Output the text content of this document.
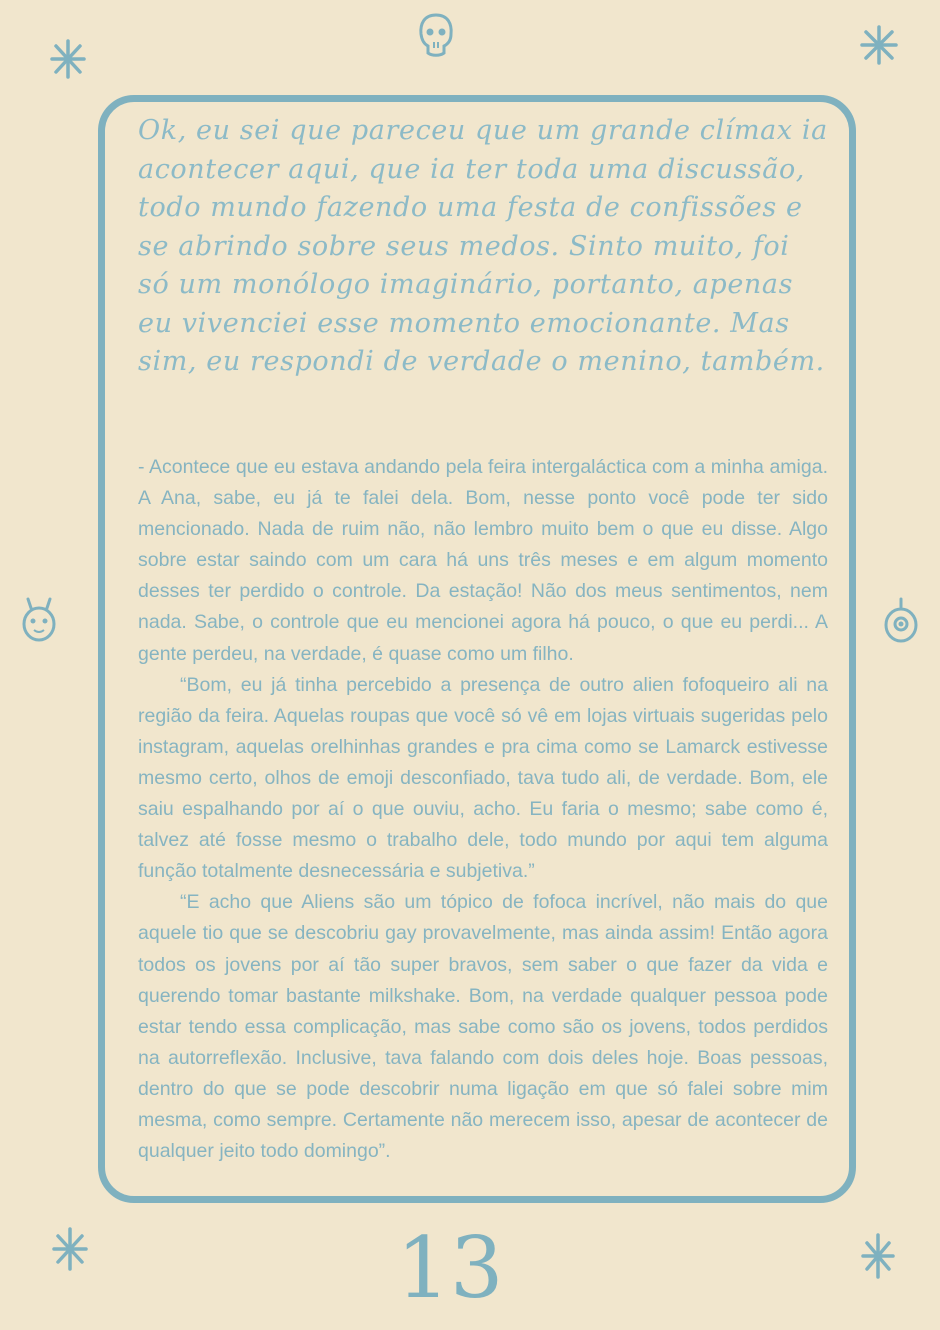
Ok, eu sei que pareceu que um grande clímax ia acontecer aqui, que ia ter toda uma discussão, todo mundo fazendo uma festa de confissões e se abrindo sobre seus medos. Sinto muito, foi só um monólogo imaginário, portanto, apenas eu vivenciei esse momento emocionante. Mas sim, eu respondi de verdade o menino, também.

- Acontece que eu estava andando pela feira intergaláctica com a minha amiga. A Ana, sabe, eu já te falei dela. Bom, nesse ponto você pode ter sido mencionado. Nada de ruim não, não lembro muito bem o que eu disse. Algo sobre estar saindo com um cara há uns três meses e em algum momento desses ter perdido o controle. Da estação! Não dos meus sentimentos, nem nada. Sabe, o controle que eu mencionei agora há pouco, o que eu perdi... A gente perdeu, na verdade, é quase como um filho.

“Bom, eu já tinha percebido a presença de outro alien fofoqueiro ali na região da feira. Aquelas roupas que você só vê em lojas virtuais sugeridas pelo instagram, aquelas orelhinhas grandes e pra cima como se Lamarck estivesse mesmo certo, olhos de emoji desconfiado, tava tudo ali, de verdade. Bom, ele saiu espalhando por aí o que ouviu, acho. Eu faria o mesmo; sabe como é, talvez até fosse mesmo o trabalho dele, todo mundo por aqui tem alguma função totalmente desnecessária e subjetiva.”

“E acho que Aliens são um tópico de fofoca incrível, não mais do que aquele tio que se descobriu gay provavelmente, mas ainda assim! Então agora todos os jovens por aí tão super bravos, sem saber o que fazer da vida e querendo tomar bastante milkshake. Bom, na verdade qualquer pessoa pode estar tendo essa complicação, mas sabe como são os jovens, todos perdidos na autorreflexão. Inclusive, tava falando com dois deles hoje. Boas pessoas, dentro do que se pode descobrir numa ligação em que só falei sobre mim mesma, como sempre. Certamente não merecem isso, apesar de acontecer de qualquer jeito todo domingo”.

13
